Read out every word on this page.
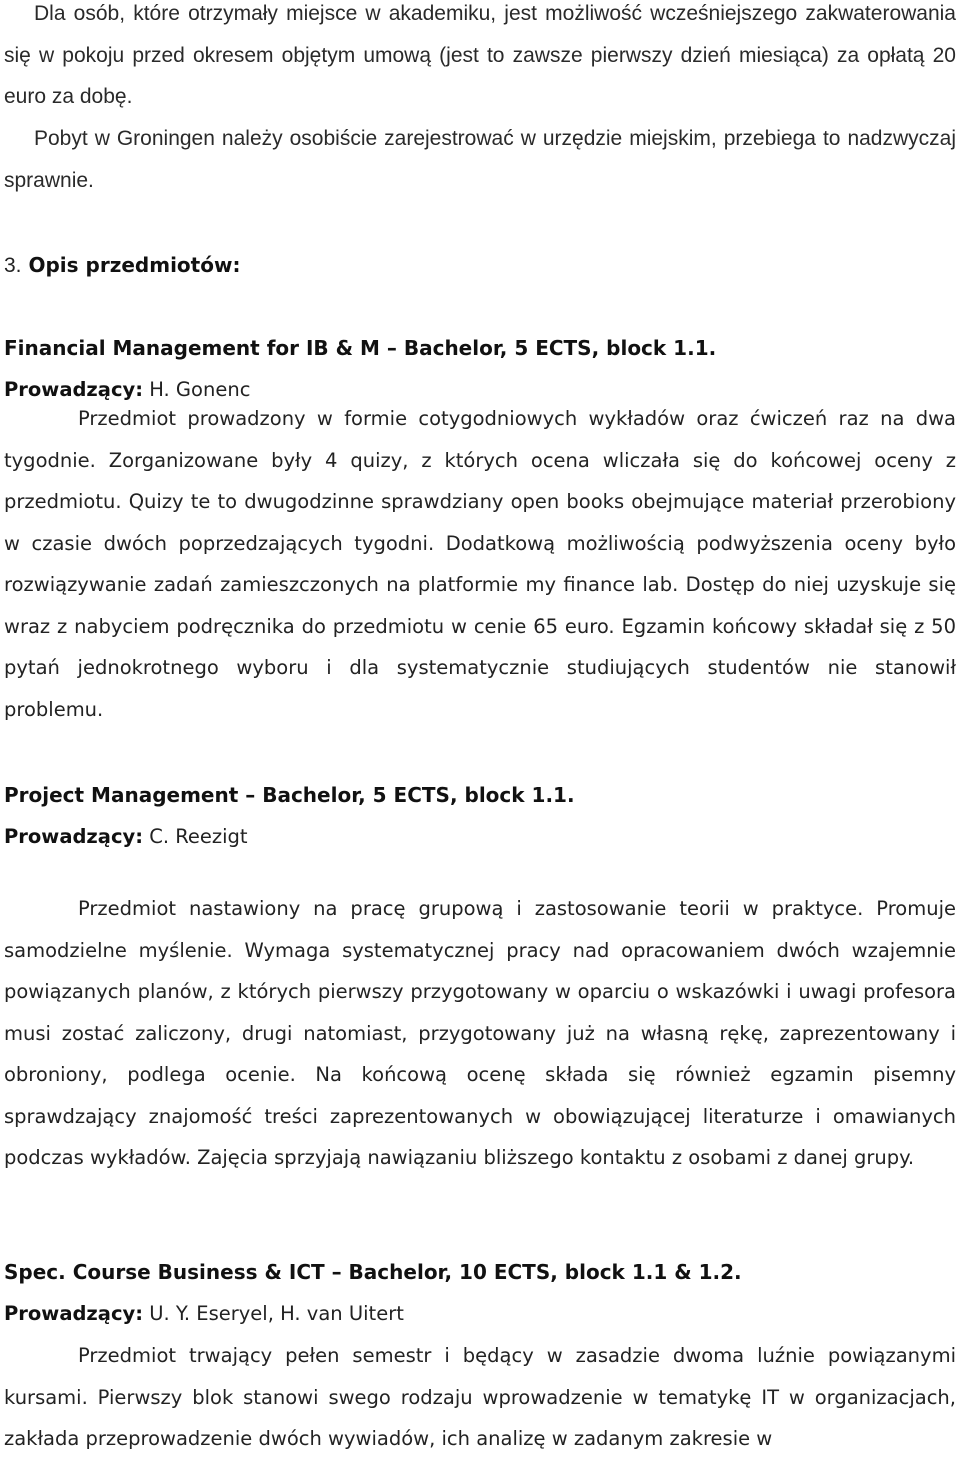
Dla osób, które otrzymały miejsce w akademiku, jest możliwość wcześniejszego zakwaterowania się w pokoju przed okresem objętym umową (jest to zawsze pierwszy dzień miesiąca) za opłatą 20 euro za dobę.

Pobyt w Groningen należy osobiście zarejestrować w urzędzie miejskim, przebiega to nadzwyczaj sprawnie.

3. Opis przedmiotów:
Financial Management for IB & M – Bachelor, 5 ECTS, block 1.1.
Prowadzący: H. Gonenc

Przedmiot prowadzony w formie cotygodniowych wykładów oraz ćwiczeń raz na dwa tygodnie. Zorganizowane były 4 quizy, z których ocena wliczała się do końcowej oceny z przedmiotu. Quizy te to dwugodzinne sprawdziany open books obejmujące materiał przerobiony w czasie dwóch poprzedzających tygodni. Dodatkową możliwością podwyższenia oceny było rozwiązywanie zadań zamieszczonych na platformie my finance lab. Dostęp do niej uzyskuje się wraz z nabyciem podręcznika do przedmiotu w cenie 65 euro. Egzamin końcowy składał się z 50 pytań jednokrotnego wyboru i dla systematycznie studiujących studentów nie stanowił problemu.

Project Management – Bachelor, 5 ECTS, block 1.1.
Prowadzący: C. Reezigt

Przedmiot nastawiony na pracę grupową i zastosowanie teorii w praktyce. Promuje samodzielne myślenie. Wymaga systematycznej pracy nad opracowaniem dwóch wzajemnie powiązanych planów, z których pierwszy przygotowany w oparciu o wskazówki i uwagi profesora musi zostać zaliczony, drugi natomiast, przygotowany już na własną rękę, zaprezentowany i obroniony, podlega ocenie. Na końcową ocenę składa się również egzamin pisemny sprawdzający znajomość treści zaprezentowanych w obowiązującej literaturze i omawianych podczas wykładów. Zajęcia sprzyjają nawiązaniu bliższego kontaktu z osobami z danej grupy.

Spec. Course Business & ICT – Bachelor, 10 ECTS, block 1.1 & 1.2.
Prowadzący: U. Y. Eseryel, H. van Uitert

Przedmiot trwający pełen semestr i będący w zasadzie dwoma luźnie powiązanymi kursami. Pierwszy blok stanowi swego rodzaju wprowadzenie w tematykę IT w organizacjach, zakłada przeprowadzenie dwóch wywiadów, ich analizę w zadanym zakresie w
